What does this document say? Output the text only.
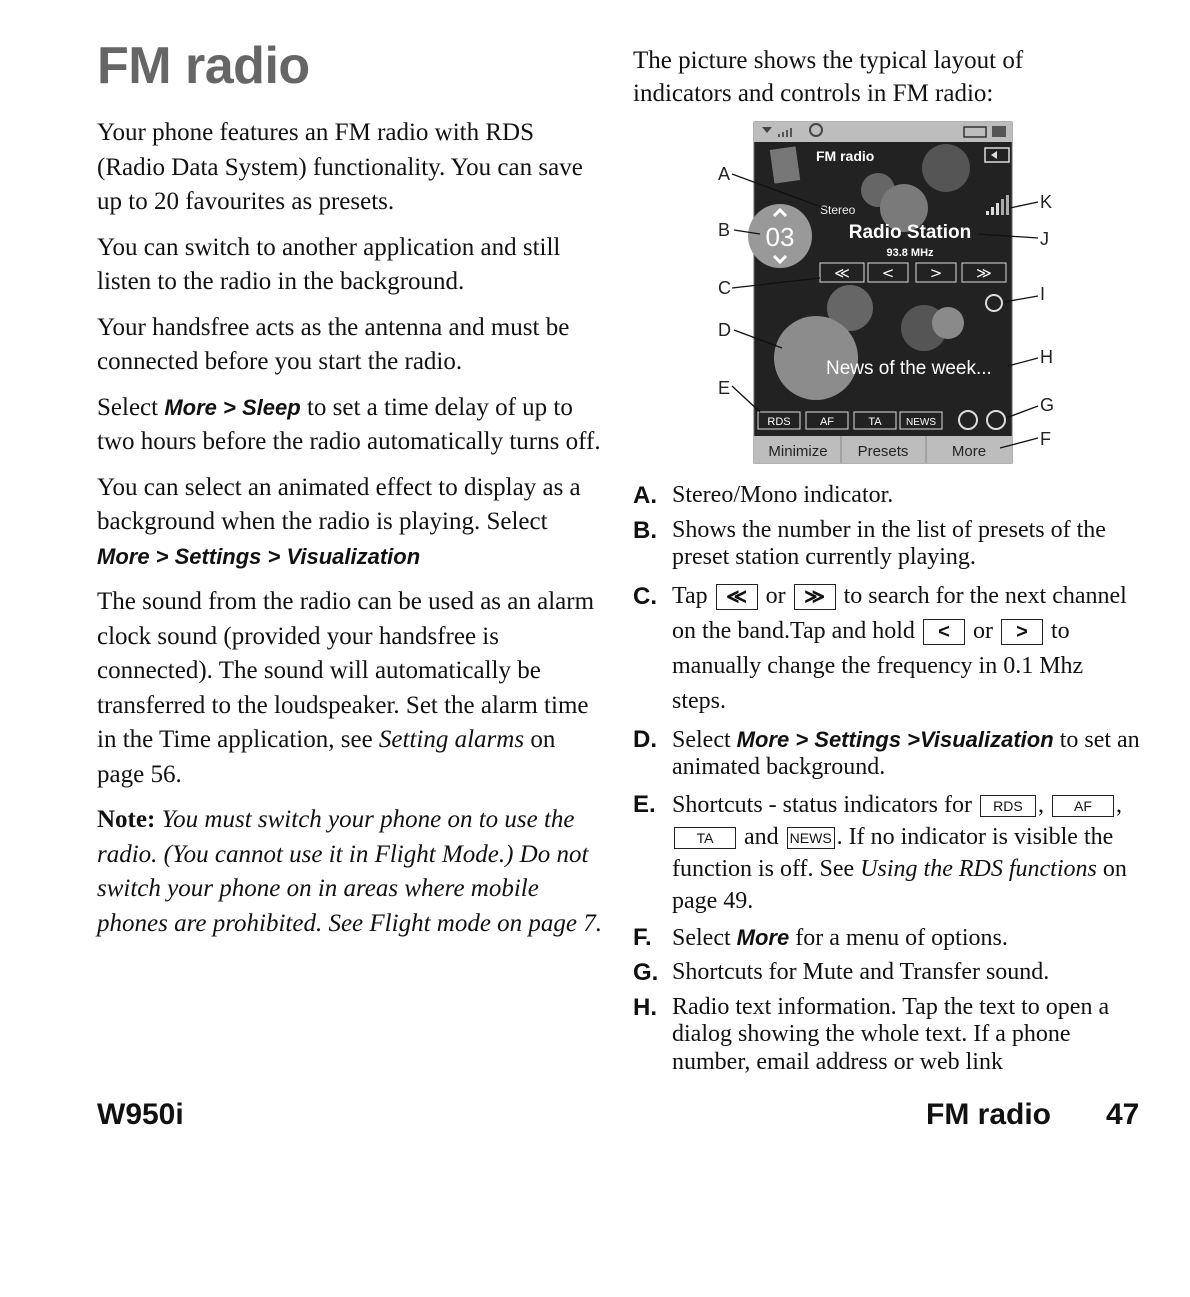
FM radio

Your phone features an FM radio with RDS (Radio Data System) functionality. You can save up to 20 favourites as presets.

You can switch to another application and still listen to the radio in the background.

Your handsfree acts as the antenna and must be connected before you start the radio.

Select More > Sleep to set a time delay of up to two hours before the radio automatically turns off.

You can select an animated effect to display as a background when the radio is playing. Select More > Settings > Visualization

The sound from the radio can be used as an alarm clock sound (provided your handsfree is connected). The sound will automatically be transferred to the loudspeaker. Set the alarm time in the Time application, see Setting alarms on page 56.

Note: You must switch your phone on to use the radio. (You cannot use it in Flight Mode.) Do not switch your phone on in areas where mobile phones are prohibited. See Flight mode on page 7.

The picture shows the typical layout of indicators and controls in FM radio:
FM radio
Stereo
03	Radio Station
93.8 MHz
≪ < > ≫
News of the week...
RDS	AF	TA NEWS
Minimize Presets	More
A
B
C
D
E
K
J
I
H
G
F
A. Stereo/Mono indicator.
B. Shows the number in the list of presets of the preset station currently playing.
C. Tap ≪ or ≫ to search for the next channel on the band.Tap and hold < or > to manually change the frequency in 0.1 Mhz steps.
D. Select More > Settings >Visualization to set an animated background.
E. Shortcuts - status indicators for RDS , AF , TA and NEWS . If no indicator is visible the function is off. See Using the RDS functions on page 49.
F. Select More for a menu of options.
G. Shortcuts for Mute and Transfer sound.
H. Radio text information. Tap the text to open a dialog showing the whole text. If a phone number, email address or web link
W950i	FM radio 47
